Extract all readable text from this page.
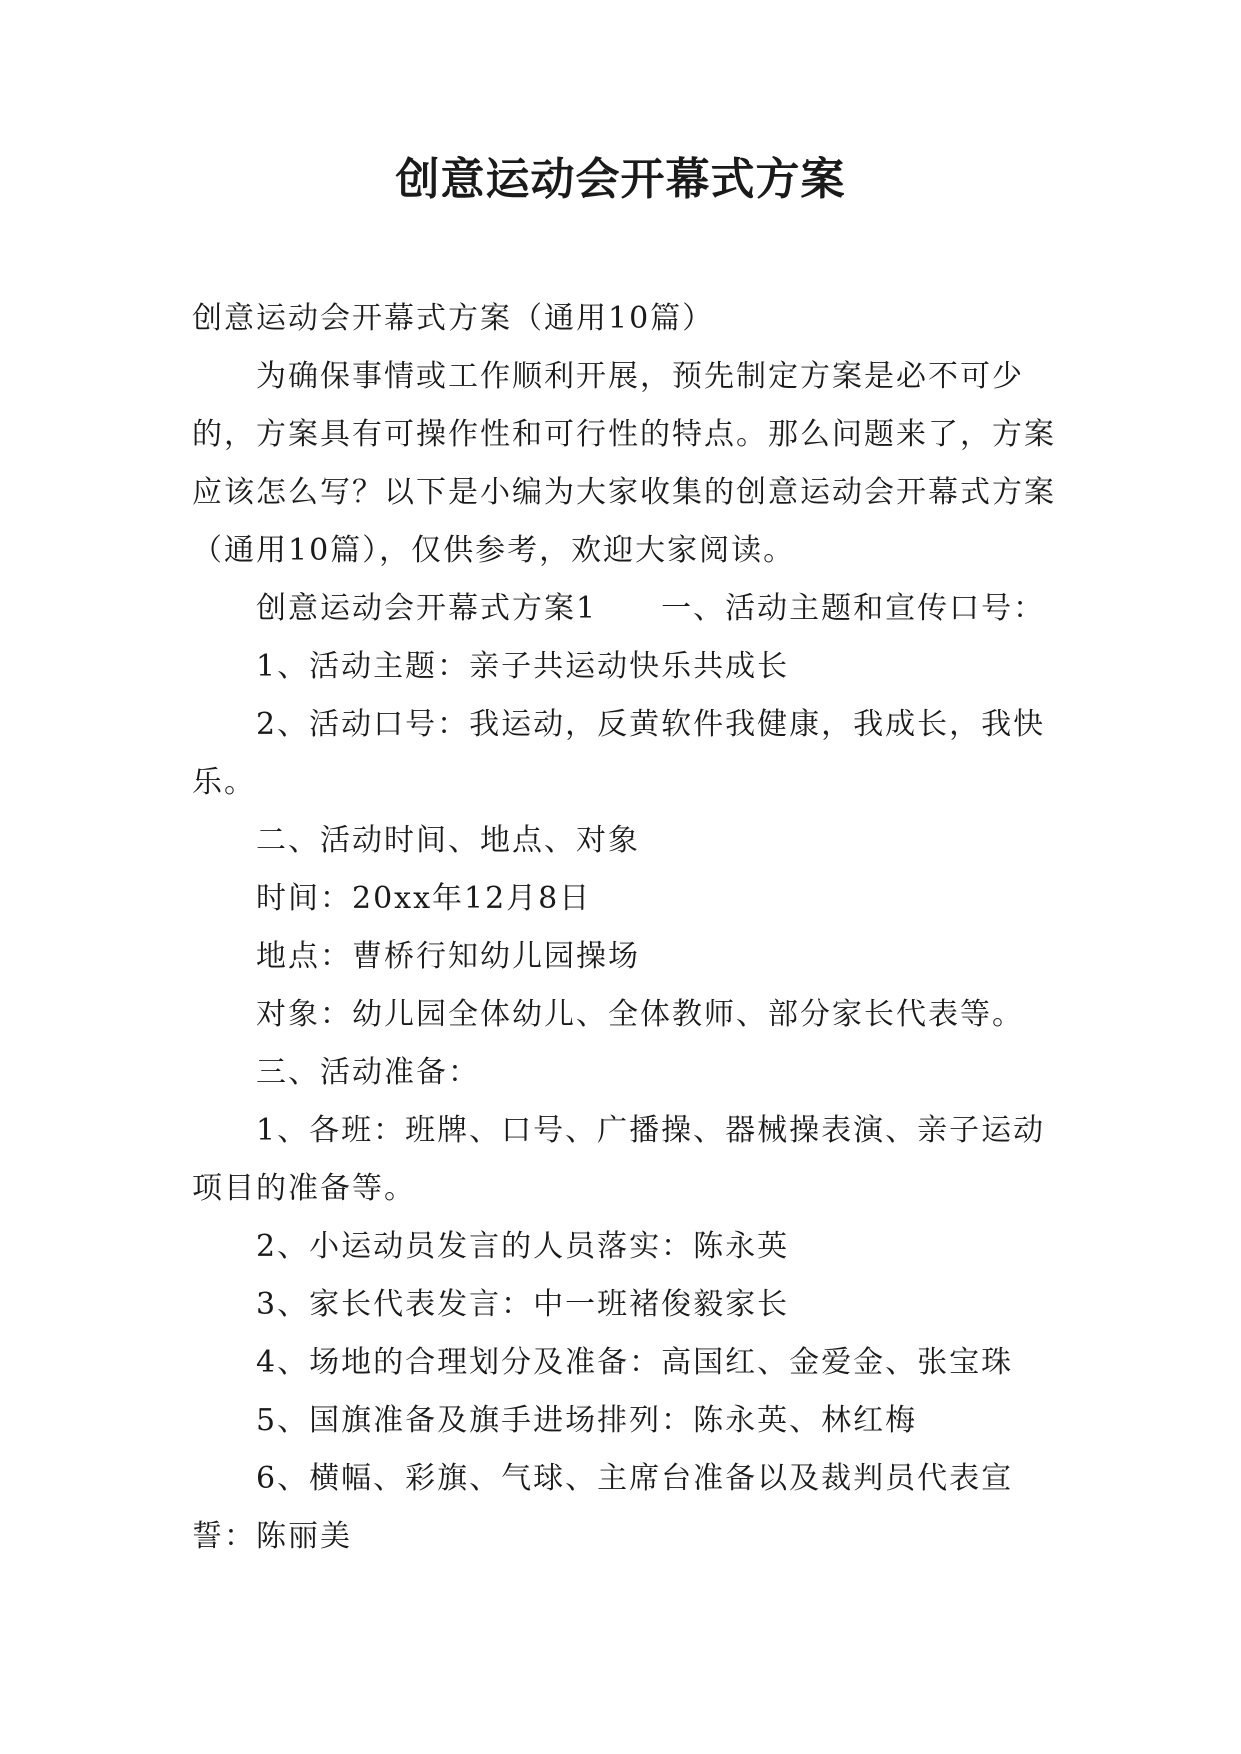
创意运动会开幕式方案

创意运动会开幕式方案（通用10篇）

为确保事情或工作顺利开展，预先制定方案是必不可少的，方案具有可操作性和可行性的特点。那么问题来了，方案应该怎么写？以下是小编为大家收集的创意运动会开幕式方案（通用10篇），仅供参考，欢迎大家阅读。

创意运动会开幕式方案1 一、活动主题和宣传口号：

1、活动主题：亲子共运动快乐共成长

2、活动口号：我运动，反黄软件我健康，我成长，我快乐。

二、活动时间、地点、对象

时间：20xx年12月8日

地点：曹桥行知幼儿园操场

对象：幼儿园全体幼儿、全体教师、部分家长代表等。

三、活动准备：

1、各班：班牌、口号、广播操、器械操表演、亲子运动项目的准备等。

2、小运动员发言的人员落实：陈永英

3、家长代表发言：中一班褚俊毅家长

4、场地的合理划分及准备：高国红、金爱金、张宝珠

5、国旗准备及旗手进场排列：陈永英、林红梅

6、横幅、彩旗、气球、主席台准备以及裁判员代表宣誓：陈丽美
